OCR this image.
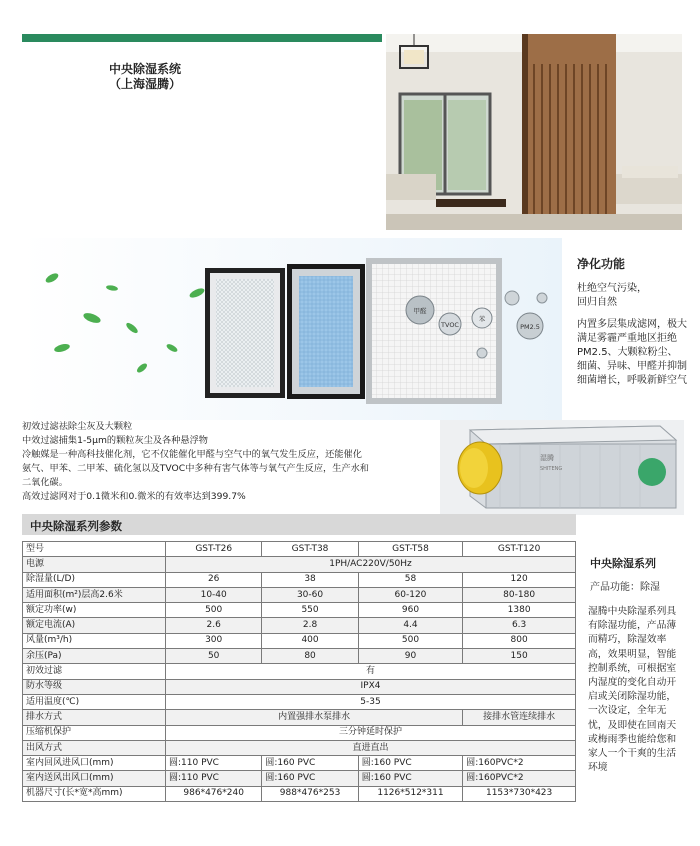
中央除湿系统
（上海湿腾）
甲醛
TVOC
苯
PM2.5
净化功能
杜绝空气污染，
回归自然
内置多层集成滤网，极大满足雾霾严重地区拒绝PM2.5、大颗粒粉尘、细菌、异味、甲醛并抑制细菌增长，呼吸新鲜空气
初效过滤祛除尘灰及大颗粒
中效过滤捕集1-5μm的颗粒灰尘及各种悬浮物
冷触媒是一种高科技催化剂，它不仅能催化甲醛与空气中的氧气发生反应，还能催化
氨气、甲苯、二甲苯、硫化氢以及TVOC中多种有害气体等与氧气产生反应，生产水和
二氧化碳。
高效过滤网对于0.1微米和0.微米的有效率达到399.7%
湿腾
SHITENG
中央除湿系列参数
型号	GST-T26	GST-T38	GST-T58	GST-T120
电源	1PH/AC220V/50Hz			
除湿量(L/D)	26	38	58	120
适用面积(m²)层高2.6米	10-40	30-60	60-120	80-180
额定功率(w)	500	550	960	1380
额定电流(A)	2.6	2.8	4.4	6.3
风量(m³/h)	300	400	500	800
余压(Pa)	50	80	90	150
初效过滤	有			
防水等级	IPX4			
适用温度(℃)	5-35			
排水方式	内置强排水泵排水			接排水管连续排水
压缩机保护	三分钟延时保护			
出风方式	直进直出			
室内回风进风口(mm)	圆:110 PVC	圆:160 PVC	圆:160 PVC	圆:160PVC*2
室内送风出风口(mm)	圆:110 PVC	圆:160 PVC	圆:160 PVC	圆:160PVC*2
机器尺寸(长*宽*高mm)	986*476*240	988*476*253	1126*512*311	1153*730*423
中央除湿系列
产品功能：除湿
湿腾中央除湿系列具有除湿功能，产品薄而精巧，除湿效率高，效果明显，智能控制系统，可根据室内湿度的变化自动开启或关闭除湿功能，一次设定，全年无忧，及即使在回南天或梅雨季也能给您和家人一个干爽的生活环境
